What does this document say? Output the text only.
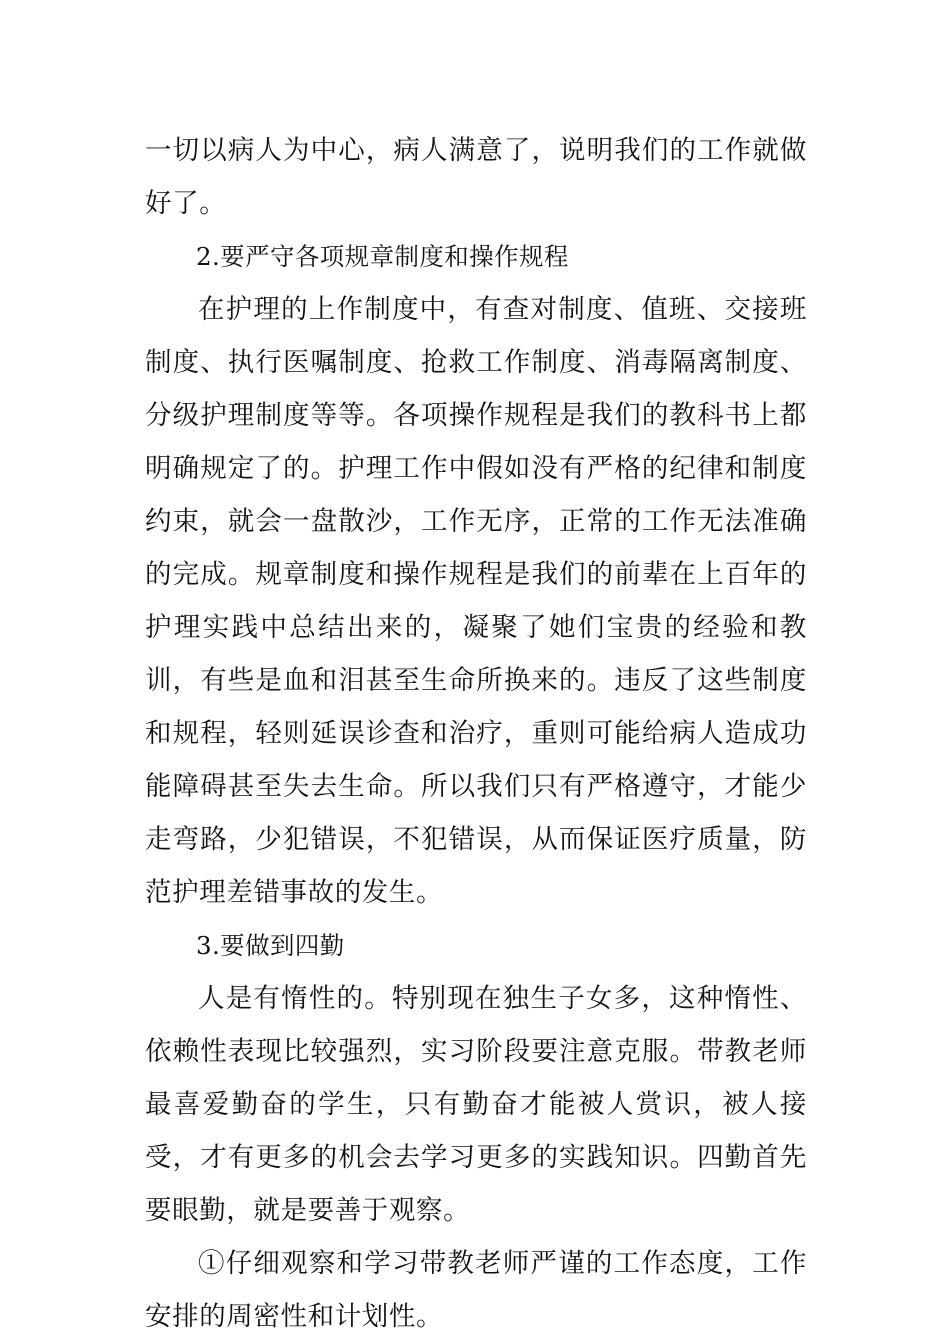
一切以病人为中心，病人满意了，说明我们的工作就做好了。

2.要严守各项规章制度和操作规程

在护理的上作制度中，有查对制度、值班、交接班制度、执行医嘱制度、抢救工作制度、消毒隔离制度、分级护理制度等等。各项操作规程是我们的教科书上都明确规定了的。护理工作中假如没有严格的纪律和制度约束，就会一盘散沙，工作无序，正常的工作无法准确的完成。规章制度和操作规程是我们的前辈在上百年的护理实践中总结出来的，凝聚了她们宝贵的经验和教训，有些是血和泪甚至生命所换来的。违反了这些制度和规程，轻则延误诊查和治疗，重则可能给病人造成功能障碍甚至失去生命。所以我们只有严格遵守，才能少走弯路，少犯错误，不犯错误，从而保证医疗质量，防范护理差错事故的发生。

3.要做到四勤

人是有惰性的。特别现在独生子女多，这种惰性、依赖性表现比较强烈，实习阶段要注意克服。带教老师最喜爱勤奋的学生，只有勤奋才能被人赏识，被人接受，才有更多的机会去学习更多的实践知识。四勤首先要眼勤，就是要善于观察。

①仔细观察和学习带教老师严谨的工作态度，工作安排的周密性和计划性。
